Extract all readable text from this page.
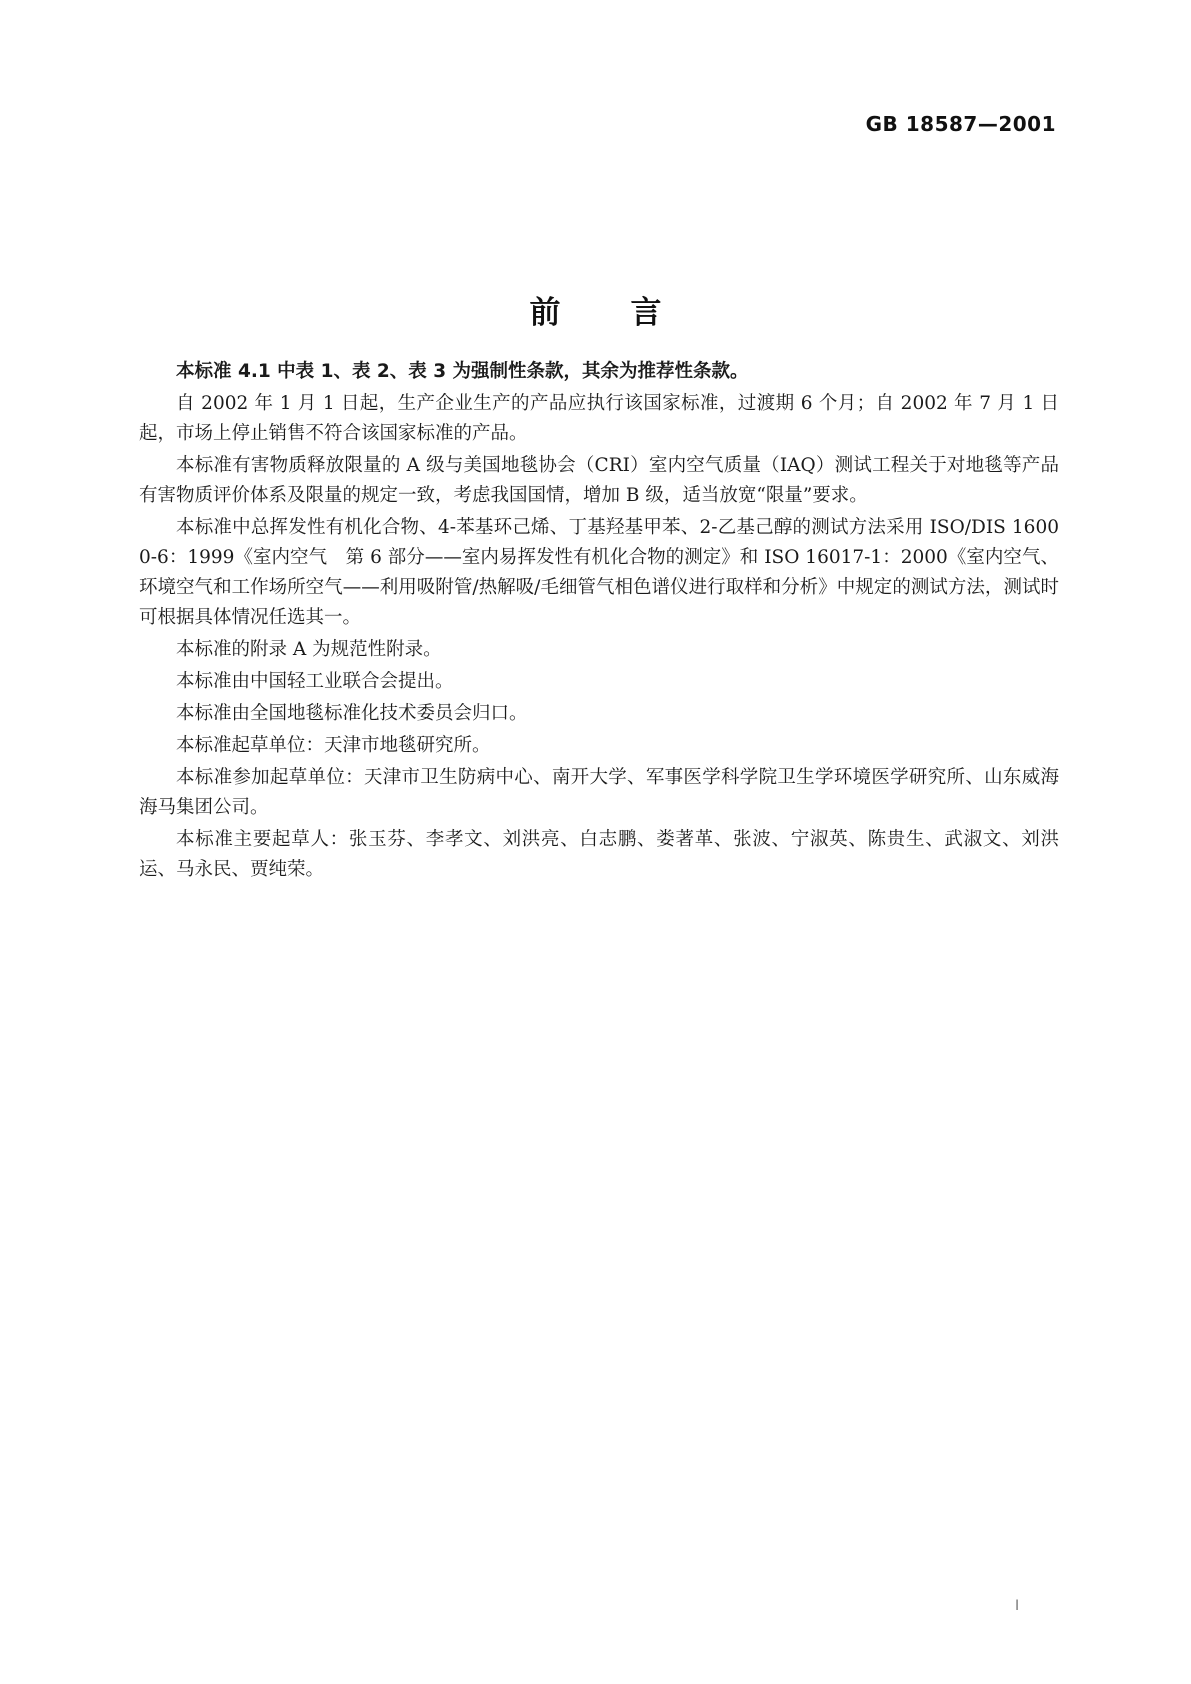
GB 18587—2001
前言

本标准 4.1 中表 1、表 2、表 3 为强制性条款，其余为推荐性条款。

自 2002 年 1 月 1 日起，生产企业生产的产品应执行该国家标准，过渡期 6 个月；自 2002 年 7 月 1 日起，市场上停止销售不符合该国家标准的产品。

本标准有害物质释放限量的 A 级与美国地毯协会（CRI）室内空气质量（IAQ）测试工程关于对地毯等产品有害物质评价体系及限量的规定一致，考虑我国国情，增加 B 级，适当放宽“限量”要求。

本标准中总挥发性有机化合物、4-苯基环己烯、丁基羟基甲苯、2-乙基己醇的测试方法采用 ISO/DIS 16000-6：1999《室内空气　第 6 部分——室内易挥发性有机化合物的测定》和 ISO 16017-1：2000《室内空气、环境空气和工作场所空气——利用吸附管/热解吸/毛细管气相色谱仪进行取样和分析》中规定的测试方法，测试时可根据具体情况任选其一。

本标准的附录 A 为规范性附录。

本标准由中国轻工业联合会提出。

本标准由全国地毯标准化技术委员会归口。

本标准起草单位：天津市地毯研究所。

本标准参加起草单位：天津市卫生防病中心、南开大学、军事医学科学院卫生学环境医学研究所、山东威海海马集团公司。

本标准主要起草人：张玉芬、李孝文、刘洪亮、白志鹏、娄著革、张波、宁淑英、陈贵生、武淑文、刘洪运、马永民、贾纯荣。

I
